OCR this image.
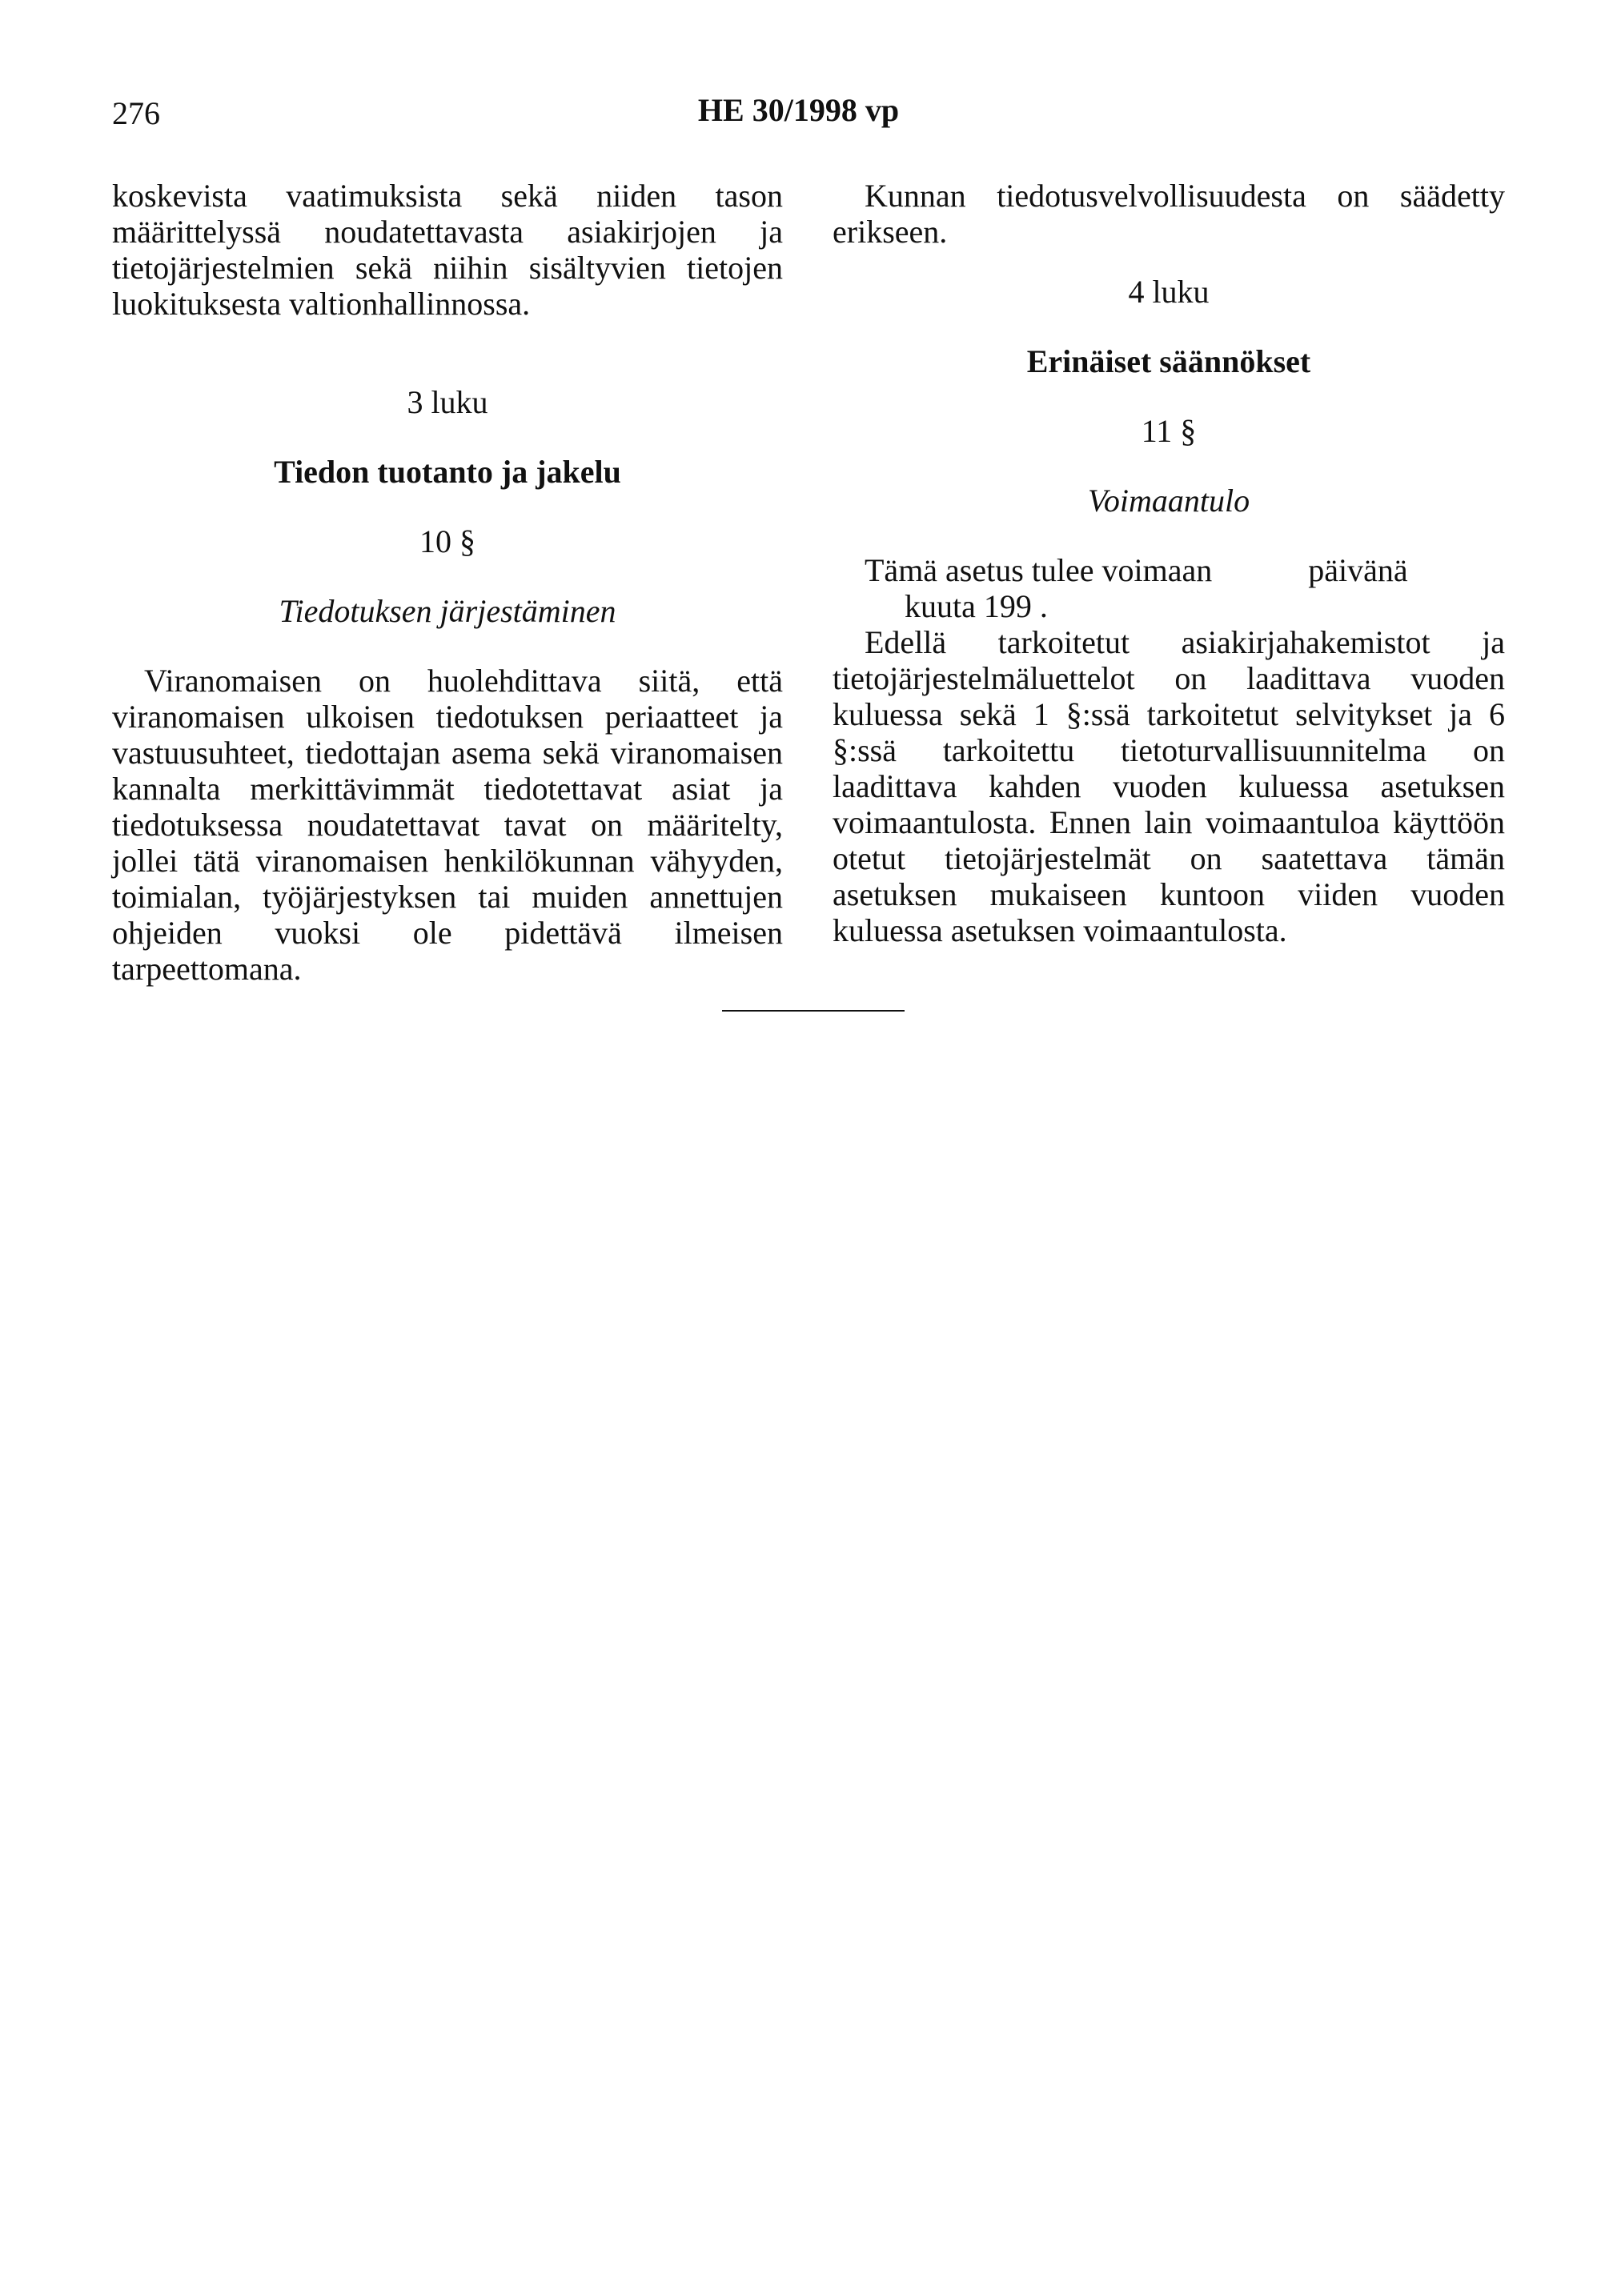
276	HE 30/1998 vp

koskevista vaatimuksista sekä niiden tason määrittelyssä noudatettavasta asiakirjojen ja tietojärjestelmien sekä niihin sisältyvien tietojen luokituksesta valtionhallinnossa.

3 luku

Tiedon tuotanto ja jakelu

10 §

Tiedotuksen järjestäminen

Viranomaisen on huolehdittava siitä, että viranomaisen ulkoisen tiedotuksen periaatteet ja vastuusuhteet, tiedottajan asema sekä viranomaisen kannalta merkittävimmät tiedotettavat asiat ja tiedotuksessa noudatettavat tavat on määritelty, jollei tätä viranomaisen henkilökunnan vähyyden, toimialan, työjärjestyksen tai muiden annettujen ohjeiden vuoksi ole pidettävä ilmeisen tarpeettomana.

Kunnan tiedotusvelvollisuudesta on säädetty erikseen.

4 luku

Erinäiset säännökset

11 §

Voimaantulo

Tämä asetus tulee voimaan	päivänä

kuuta 199 .

Edellä tarkoitetut asiakirjahakemistot ja tietojärjestelmäluettelot on laadittava vuoden kuluessa sekä 1 §:ssä tarkoitetut selvitykset ja 6 §:ssä tarkoitettu tietoturvallisuunnitelma on laadittava kahden vuoden kuluessa asetuksen voimaantulosta. Ennen lain voimaantuloa käyttöön otetut tietojärjestelmät on saatettava tämän asetuksen mukaiseen kuntoon viiden vuoden kuluessa asetuksen voimaantulosta.
